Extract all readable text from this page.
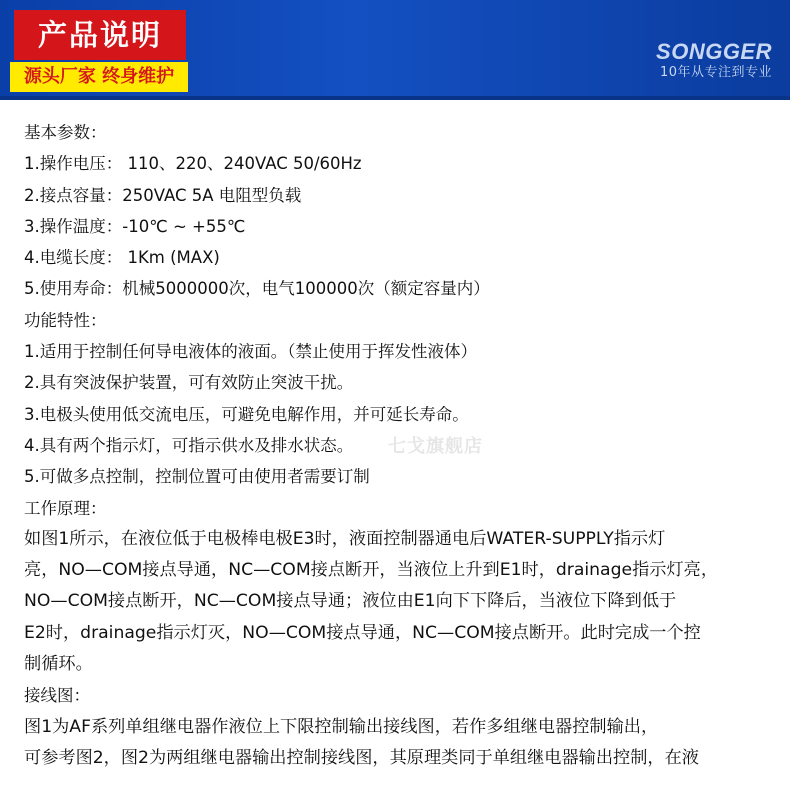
产品说明
源头厂家 终身维护
SONGGER
10年从专注到专业
七戈旗舰店
基本参数：
1.操作电压： 110、220、240VAC 50/60Hz
2.接点容量：250VAC 5A 电阻型负载
3.操作温度：-10℃ ~ +55℃
4.电缆长度： 1Km (MAX)
5.使用寿命：机械5000000次，电气100000次（额定容量内）
功能特性：
1.适用于控制任何导电液体的液面。（禁止使用于挥发性液体）
2.具有突波保护装置，可有效防止突波干扰。
3.电极头使用低交流电压，可避免电解作用，并可延长寿命。
4.具有两个指示灯，可指示供水及排水状态。
5.可做多点控制，控制位置可由使用者需要订制
工作原理：
如图1所示，在液位低于电极棒电极E3时，液面控制器通电后WATER-SUPPLY指示灯
亮，NO—COM接点导通，NC—COM接点断开，当液位上升到E1时，drainage指示灯亮，
NO—COM接点断开，NC—COM接点导通；液位由E1向下下降后，当液位下降到低于
E2时，drainage指示灯灭，NO—COM接点导通，NC—COM接点断开。此时完成一个控
制循环。
接线图：
图1为AF系列单组继电器作液位上下限控制输出接线图，若作多组继电器控制输出，
可参考图2，图2为两组继电器输出控制接线图，其原理类同于单组继电器输出控制，在液
